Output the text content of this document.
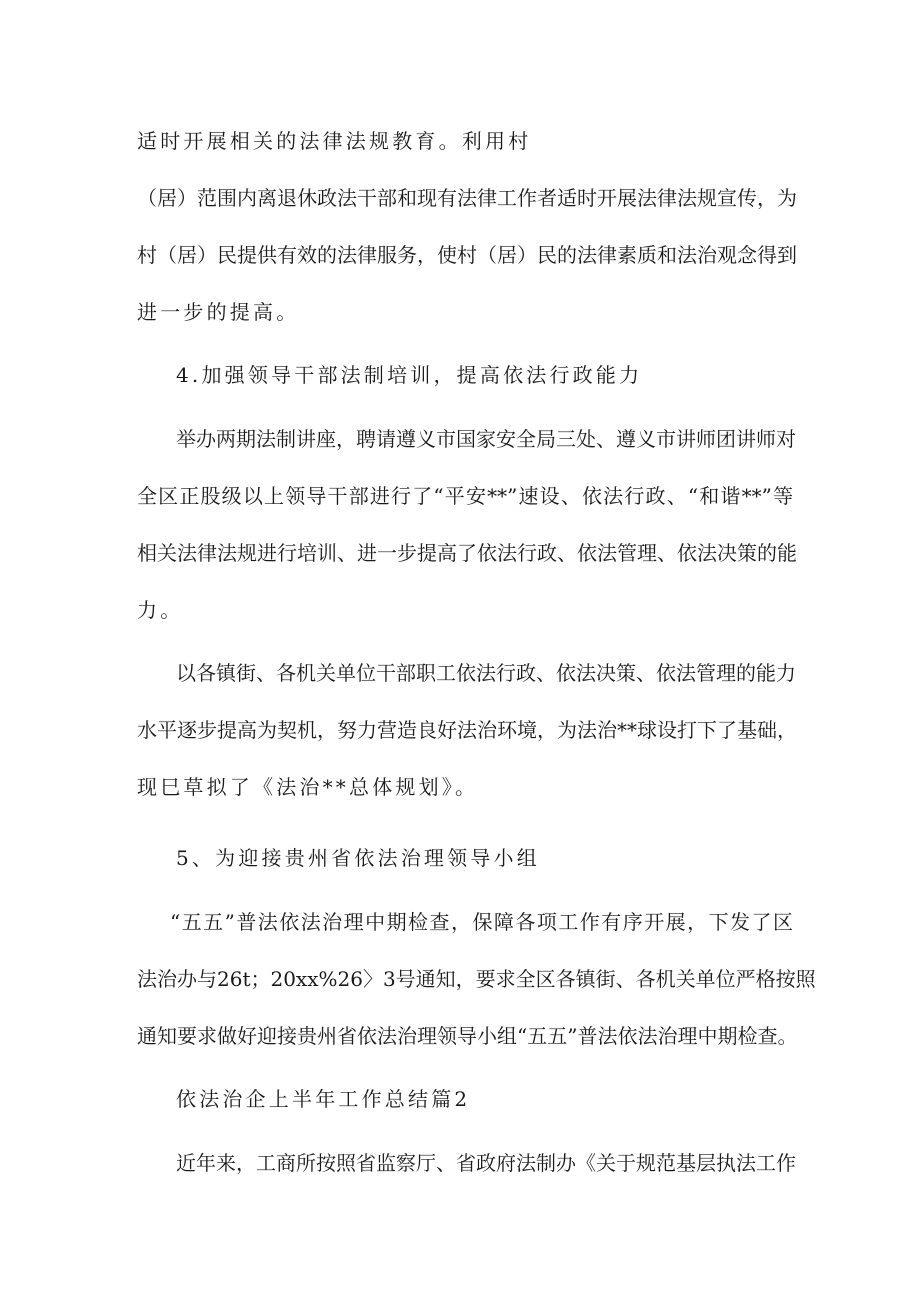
适时开展相关的法律法规教育。利用村
（居）范围内离退休政法干部和现有法律工作者适时开展法律法规宣传，为
村（居）民提供有效的法律服务，使村（居）民的法律素质和法治观念得到
进一步的提高。
4.加强领导干部法制培训，提高依法行政能力
举办两期法制讲座，聘请遵义市国家安全局三处、遵义市讲师团讲师对
全区正股级以上领导干部进行了“平安**”速设、依法行政、“和谐**”等
相关法律法规进行培训、进一步提高了依法行政、依法管理、依法决策的能
力。
以各镇街、各机关单位干部职工依法行政、依法决策、依法管理的能力
水平逐步提高为契机，努力营造良好法治环境，为法治**球设打下了基础，
现巳草拟了《法治**总体规划》。
5、为迎接贵州省依法治理领导小组
“五五”普法依法治理中期检查，保障各项工作有序开展，下发了区
法治办与26t；20xx%26〉3号通知，要求全区各镇街、各机关单位严格按照
通知要求做好迎接贵州省依法治理领导小组“五五”普法依法治理中期检查。
依法治企上半年工作总结篇2
近年来，工商所按照省监察厅、省政府法制办《关于规范基层执法工作
